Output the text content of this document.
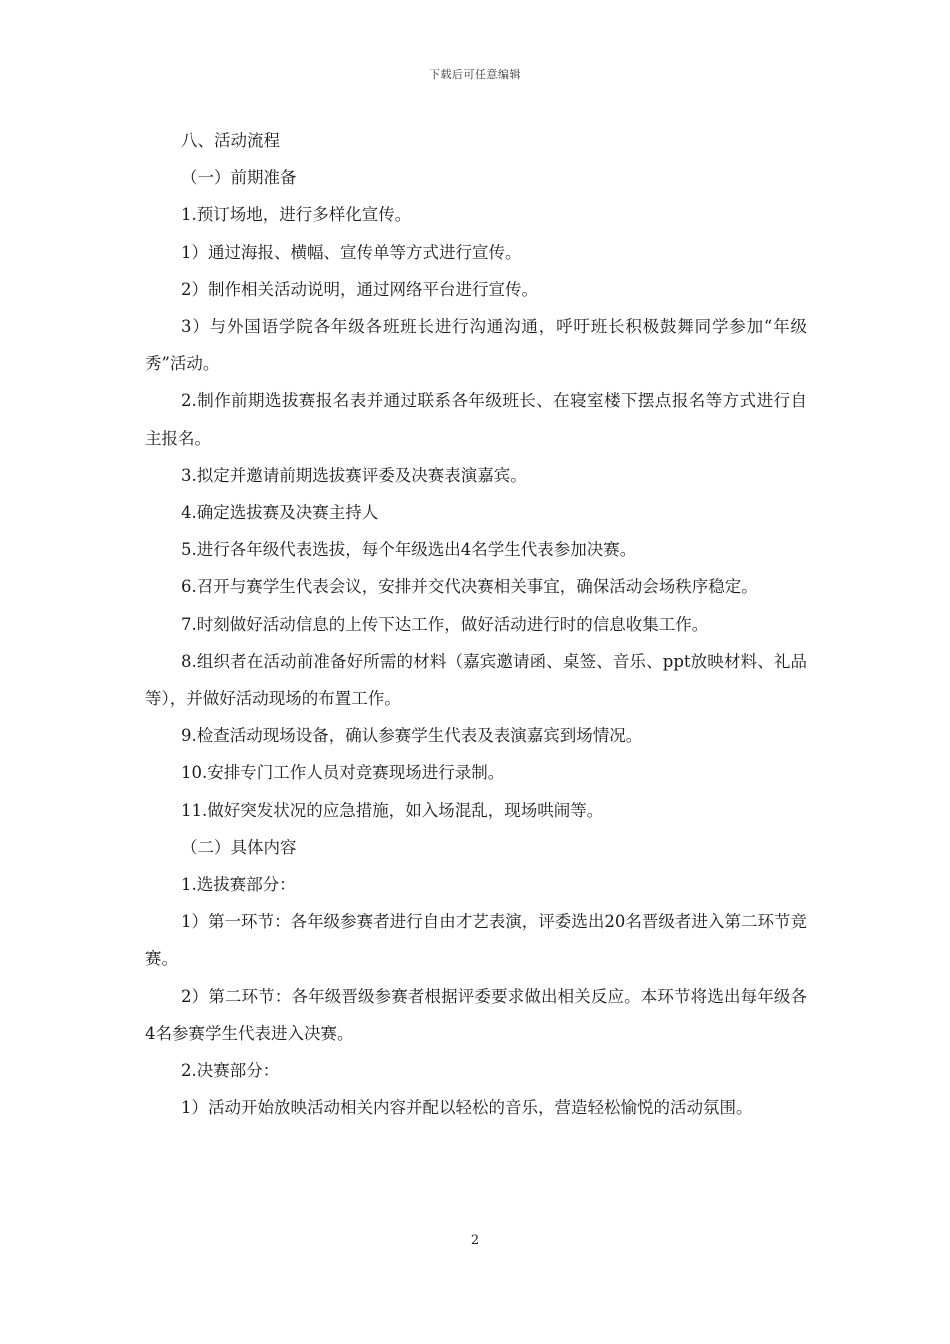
下载后可任意编辑

八、活动流程

（一）前期准备

1.预订场地，进行多样化宣传。

1）通过海报、横幅、宣传单等方式进行宣传。

2）制作相关活动说明，通过网络平台进行宣传。

3）与外国语学院各年级各班班长进行沟通沟通，呼吁班长积极鼓舞同学参加“年级秀”活动。

2.制作前期选拔赛报名表并通过联系各年级班长、在寝室楼下摆点报名等方式进行自主报名。

3.拟定并邀请前期选拔赛评委及决赛表演嘉宾。

4.确定选拔赛及决赛主持人

5.进行各年级代表选拔，每个年级选出4名学生代表参加决赛。

6.召开与赛学生代表会议，安排并交代决赛相关事宜，确保活动会场秩序稳定。

7.时刻做好活动信息的上传下达工作，做好活动进行时的信息收集工作。

8.组织者在活动前准备好所需的材料（嘉宾邀请函、桌签、音乐、ppt放映材料、礼品等），并做好活动现场的布置工作。

9.检查活动现场设备，确认参赛学生代表及表演嘉宾到场情况。

10.安排专门工作人员对竞赛现场进行录制。

11.做好突发状况的应急措施，如入场混乱，现场哄闹等。

（二）具体内容

1.选拔赛部分：

1）第一环节：各年级参赛者进行自由才艺表演，评委选出20名晋级者进入第二环节竞赛。

2）第二环节：各年级晋级参赛者根据评委要求做出相关反应。本环节将选出每年级各4名参赛学生代表进入决赛。

2.决赛部分：

1）活动开始放映活动相关内容并配以轻松的音乐，营造轻松愉悦的活动氛围。

2
